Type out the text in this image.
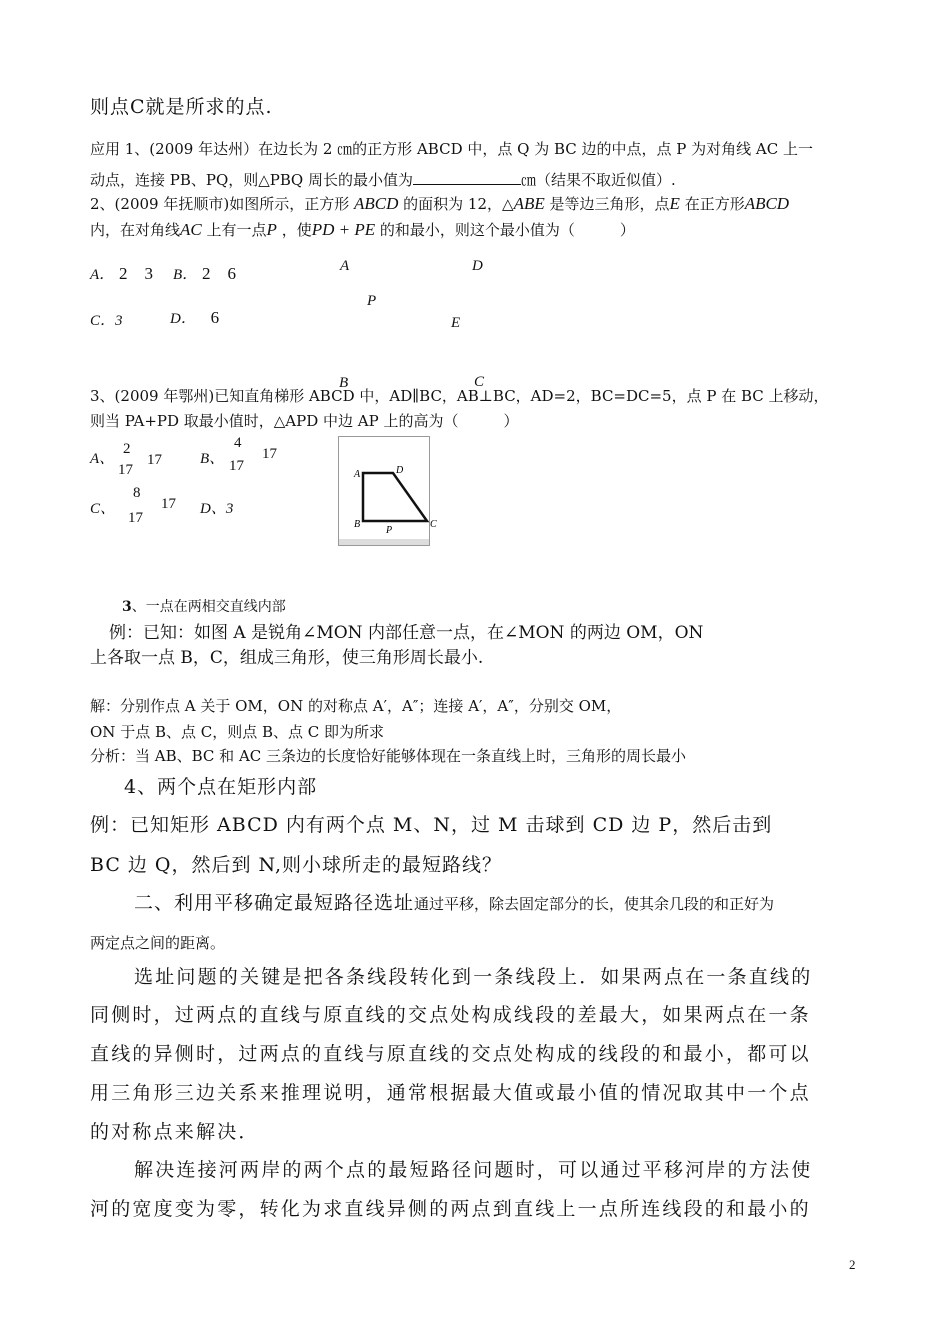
则点C就是所求的点.
应用 1、(2009 年达州）在边长为 2 ㎝的正方形 ABCD 中，点 Q 为 BC 边的中点，点 P 为对角线 AC 上一
动点，连接 PB、PQ，则△PBQ 周长的最小值为	㎝（结果不取近似值）.
2、(2009 年抚顺市)如图所示，正方形 ABCD 的面积为 12，△ABE 是等边三角形，点E 在正方形ABCD
内，在对角线AC 上有一点P ，使PD + PE 的和最小，则这个最小值为（　　　）
A． 2　3 B． 2　6	A	D
P
E
C．3	D． 6
B	C
3、(2009 年鄂州)已知直角梯形 ABCD 中，AD∥BC，AB⊥BC，AD=2，BC=DC=5，点 P 在 BC 上移动，
则当 PA+PD 取最小值时，△APD 中边 AP 上的高为（　　　）
A、
2
17
17	B、
4
17
17
C、
8
17
17 D、3
A	D
B
P
C
3、一点在两相交直线内部
例：已知：如图 A 是锐角∠MON 内部任意一点，在∠MON 的两边 OM，ON
上各取一点 B，C，组成三角形，使三角形周长最小.
解：分别作点 A 关于 OM，ON 的对称点 A′，A″；连接 A′，A″，分别交 OM，
ON 于点 B、点 C，则点 B、点 C 即为所求
分析：当 AB、BC 和 AC 三条边的长度恰好能够体现在一条直线上时，三角形的周长最小
4、两个点在矩形内部
例：已知矩形 ABCD 内有两个点 M、N，过 M 击球到 CD 边 P，然后击到
BC 边 Q，然后到 N,则小球所走的最短路线？
二、利用平移确定最短路径选址通过平移，除去固定部分的长，使其余几段的和正好为
两定点之间的距离。
选址问题的关键是把各条线段转化到一条线段上．如果两点在一条直线的
同侧时，过两点的直线与原直线的交点处构成线段的差最大，如果两点在一条
直线的异侧时，过两点的直线与原直线的交点处构成的线段的和最小，都可以
用三角形三边关系来推理说明，通常根据最大值或最小值的情况取其中一个点
的对称点来解决．
解决连接河两岸的两个点的最短路径问题时，可以通过平移河岸的方法使
河的宽度变为零，转化为求直线异侧的两点到直线上一点所连线段的和最小的
2
